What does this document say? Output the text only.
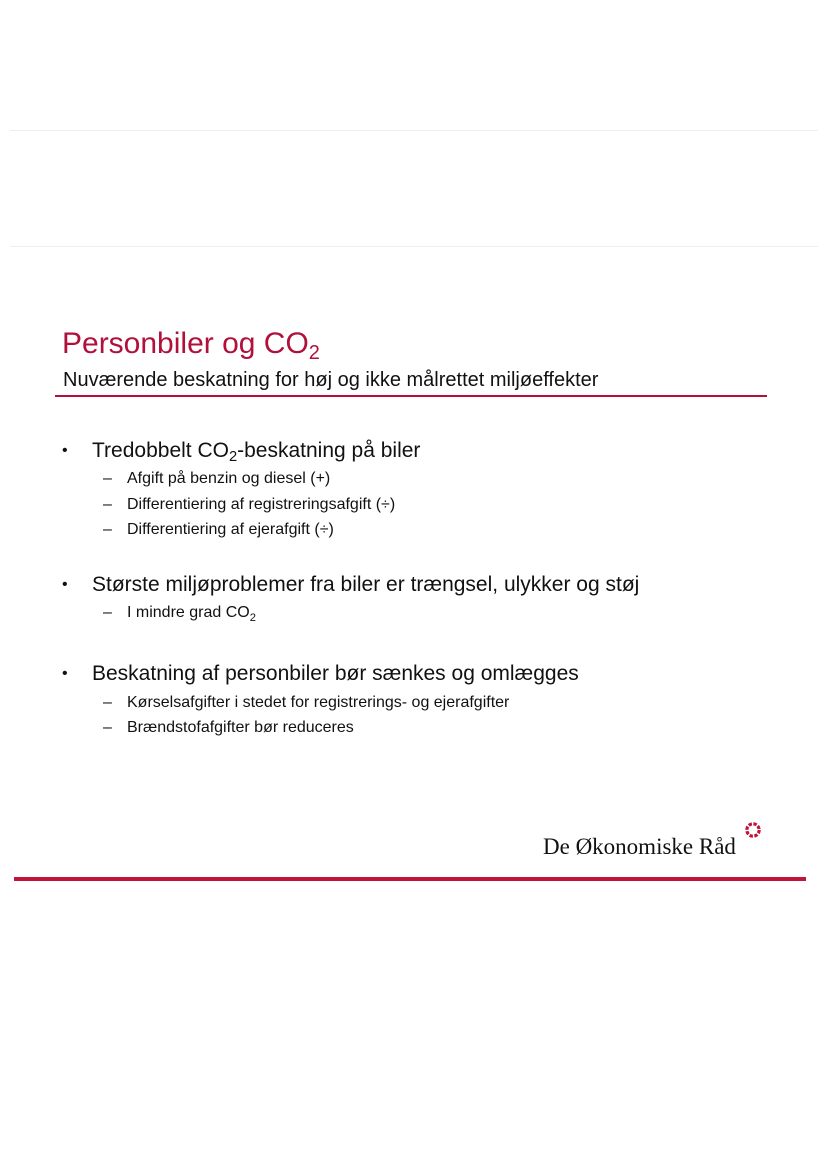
Personbiler og $CO_2$
Nuværende beskatning for høj og ikke målrettet miljøeffekter
• Tredobbelt $CO_2$-beskatning på biler
– Afgift på benzin og diesel (+)
– Differentiering af registreringsafgift (÷)
– Differentiering af ejerafgift (÷)
• Største miljøproblemer fra biler er trængsel, ulykker og støj
– I mindre grad $CO_2$
• Beskatning af personbiler bør sænkes og omlægges
– Kørselsafgifter i stedet for registrerings- og ejerafgifter
– Brændstofafgifter bør reduceres
De Økonomiske Råd
